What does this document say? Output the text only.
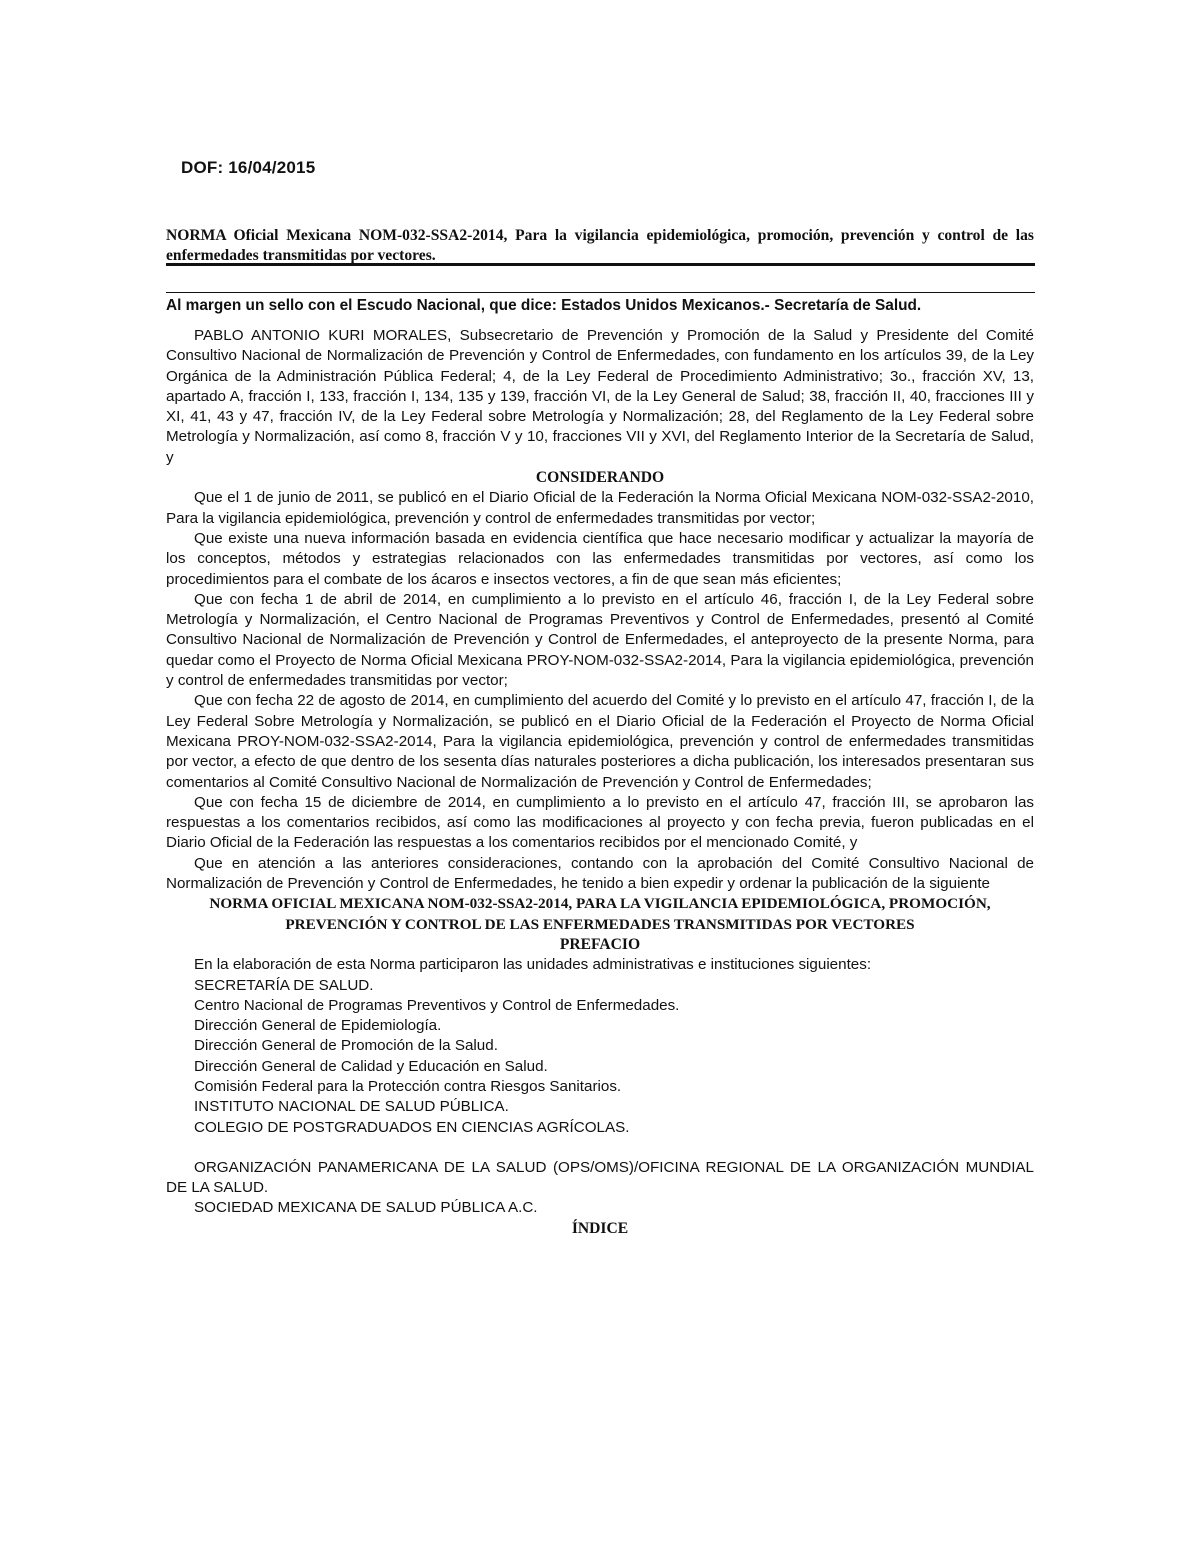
DOF: 16/04/2015
NORMA Oficial Mexicana NOM-032-SSA2-2014, Para la vigilancia epidemiológica, promoción, prevención y control de las enfermedades transmitidas por vectores.
Al margen un sello con el Escudo Nacional, que dice: Estados Unidos Mexicanos.- Secretaría de Salud.

PABLO ANTONIO KURI MORALES, Subsecretario de Prevención y Promoción de la Salud y Presidente del Comité Consultivo Nacional de Normalización de Prevención y Control de Enfermedades, con fundamento en los artículos 39, de la Ley Orgánica de la Administración Pública Federal; 4, de la Ley Federal de Procedimiento Administrativo; 3o., fracción XV, 13, apartado A, fracción I, 133, fracción I, 134, 135 y 139, fracción VI, de la Ley General de Salud; 38, fracción II, 40, fracciones III y XI, 41, 43 y 47, fracción IV, de la Ley Federal sobre Metrología y Normalización; 28, del Reglamento de la Ley Federal sobre Metrología y Normalización, así como 8, fracción V y 10, fracciones VII y XVI, del Reglamento Interior de la Secretaría de Salud, y

CONSIDERANDO

Que el 1 de junio de 2011, se publicó en el Diario Oficial de la Federación la Norma Oficial Mexicana NOM-032-SSA2-2010, Para la vigilancia epidemiológica, prevención y control de enfermedades transmitidas por vector;

Que existe una nueva información basada en evidencia científica que hace necesario modificar y actualizar la mayoría de los conceptos, métodos y estrategias relacionados con las enfermedades transmitidas por vectores, así como los procedimientos para el combate de los ácaros e insectos vectores, a fin de que sean más eficientes;

Que con fecha 1 de abril de 2014, en cumplimiento a lo previsto en el artículo 46, fracción I, de la Ley Federal sobre Metrología y Normalización, el Centro Nacional de Programas Preventivos y Control de Enfermedades, presentó al Comité Consultivo Nacional de Normalización de Prevención y Control de Enfermedades, el anteproyecto de la presente Norma, para quedar como el Proyecto de Norma Oficial Mexicana PROY-NOM-032-SSA2-2014, Para la vigilancia epidemiológica, prevención y control de enfermedades transmitidas por vector;

Que con fecha 22 de agosto de 2014, en cumplimiento del acuerdo del Comité y lo previsto en el artículo 47, fracción I, de la Ley Federal Sobre Metrología y Normalización, se publicó en el Diario Oficial de la Federación el Proyecto de Norma Oficial Mexicana PROY-NOM-032-SSA2-2014, Para la vigilancia epidemiológica, prevención y control de enfermedades transmitidas por vector, a efecto de que dentro de los sesenta días naturales posteriores a dicha publicación, los interesados presentaran sus comentarios al Comité Consultivo Nacional de Normalización de Prevención y Control de Enfermedades;

Que con fecha 15 de diciembre de 2014, en cumplimiento a lo previsto en el artículo 47, fracción III, se aprobaron las respuestas a los comentarios recibidos, así como las modificaciones al proyecto y con fecha previa, fueron publicadas en el Diario Oficial de la Federación las respuestas a los comentarios recibidos por el mencionado Comité, y

Que en atención a las anteriores consideraciones, contando con la aprobación del Comité Consultivo Nacional de Normalización de Prevención y Control de Enfermedades, he tenido a bien expedir y ordenar la publicación de la siguiente

NORMA OFICIAL MEXICANA NOM-032-SSA2-2014, PARA LA VIGILANCIA EPIDEMIOLÓGICA, PROMOCIÓN, PREVENCIÓN Y CONTROL DE LAS ENFERMEDADES TRANSMITIDAS POR VECTORES
PREFACIO

En la elaboración de esta Norma participaron las unidades administrativas e instituciones siguientes:

SECRETARÍA DE SALUD.
Centro Nacional de Programas Preventivos y Control de Enfermedades.
Dirección General de Epidemiología.
Dirección General de Promoción de la Salud.
Dirección General de Calidad y Educación en Salud.
Comisión Federal para la Protección contra Riesgos Sanitarios.
INSTITUTO NACIONAL DE SALUD PÚBLICA.
COLEGIO DE POSTGRADUADOS EN CIENCIAS AGRÍCOLAS.

ORGANIZACIÓN PANAMERICANA DE LA SALUD (OPS/OMS)/OFICINA REGIONAL DE LA ORGANIZACIÓN MUNDIAL DE LA SALUD.

SOCIEDAD MEXICANA DE SALUD PÚBLICA A.C.

ÍNDICE
